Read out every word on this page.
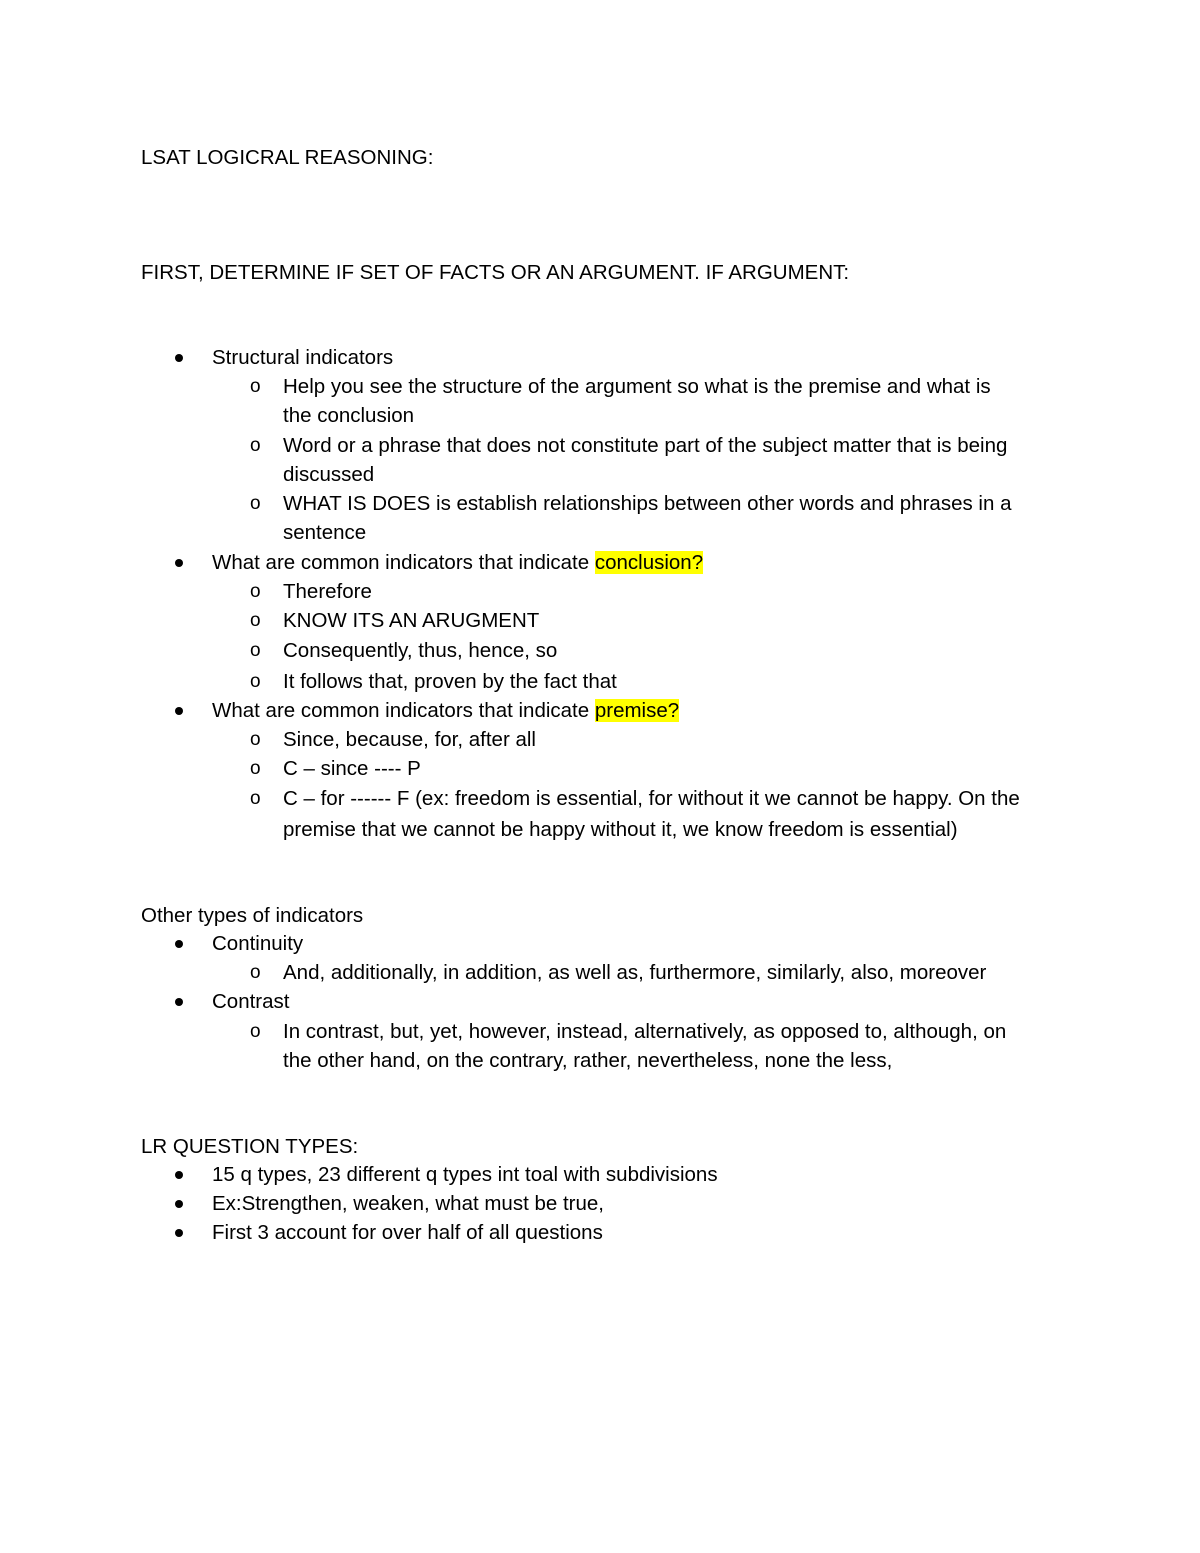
LSAT LOGICRAL REASONING:
FIRST, DETERMINE IF SET OF FACTS OR AN ARGUMENT. IF ARGUMENT:
Structural indicators
o Help you see the structure of the argument so what is the premise and what is
the conclusion
o Word or a phrase that does not constitute part of the subject matter that is being
discussed
o WHAT IS DOES is establish relationships between other words and phrases in a
sentence
What are common indicators that indicate conclusion?
o Therefore
o KNOW ITS AN ARUGMENT
o Consequently, thus, hence, so
o It follows that, proven by the fact that
What are common indicators that indicate premise?
o Since, because, for, after all
o C – since ---- P
o C – for ------ F (ex: freedom is essential, for without it we cannot be happy. On the
premise that we cannot be happy without it, we know freedom is essential)
Other types of indicators
Continuity
o And, additionally, in addition, as well as, furthermore, similarly, also, moreover
Contrast
o In contrast, but, yet, however, instead, alternatively, as opposed to, although, on
the other hand, on the contrary, rather, nevertheless, none the less,
LR QUESTION TYPES:
15 q types, 23 different q types int toal with subdivisions
Ex:Strengthen, weaken, what must be true,
First 3 account for over half of all questions
